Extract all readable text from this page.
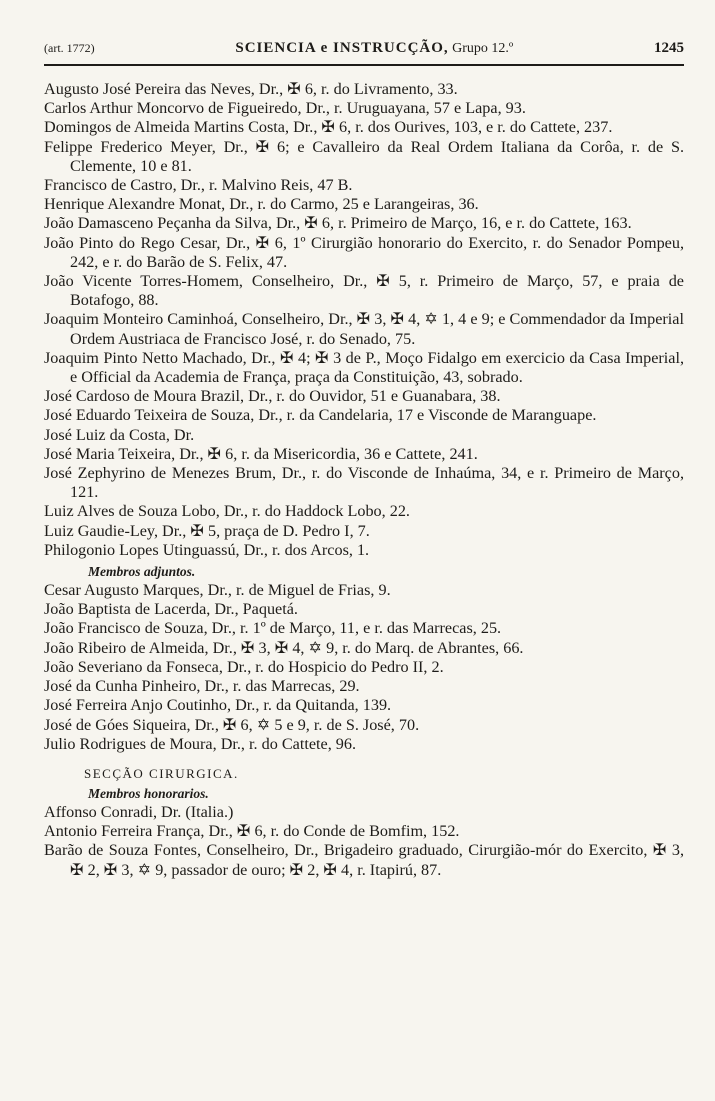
(art. 1772)	SCIENCIA e INSTRUCÇÃO, Grupo 12.º	1245

Augusto José Pereira das Neves, Dr., ✠ 6, r. do Livramento, 33.

Carlos Arthur Moncorvo de Figueiredo, Dr., r. Uruguayana, 57 e Lapa, 93.

Domingos de Almeida Martins Costa, Dr., ✠ 6, r. dos Ourives, 103, e r. do Cattete, 237.

Felippe Frederico Meyer, Dr., ✠ 6; e Cavalleiro da Real Ordem Italiana da Corôa, r. de S. Clemente, 10 e 81.

Francisco de Castro, Dr., r. Malvino Reis, 47 B.

Henrique Alexandre Monat, Dr., r. do Carmo, 25 e Larangeiras, 36.

João Damasceno Peçanha da Silva, Dr., ✠ 6, r. Primeiro de Março, 16, e r. do Cattete, 163.

João Pinto do Rego Cesar, Dr., ✠ 6, 1º Cirurgião honorario do Exercito, r. do Senador Pompeu, 242, e r. do Barão de S. Felix, 47.

João Vicente Torres-Homem, Conselheiro, Dr., ✠ 5, r. Primeiro de Março, 57, e praia de Botafogo, 88.

Joaquim Monteiro Caminhoá, Conselheiro, Dr., ✠ 3, ✠ 4, ✡ 1, 4 e 9; e Commendador da Imperial Ordem Austriaca de Francisco José, r. do Senado, 75.

Joaquim Pinto Netto Machado, Dr., ✠ 4; ✠ 3 de P., Moço Fidalgo em exercicio da Casa Imperial, e Official da Academia de França, praça da Constituição, 43, sobrado.

José Cardoso de Moura Brazil, Dr., r. do Ouvidor, 51 e Guanabara, 38.

José Eduardo Teixeira de Souza, Dr., r. da Candelaria, 17 e Visconde de Maranguape.

José Luiz da Costa, Dr.

José Maria Teixeira, Dr., ✠ 6, r. da Misericordia, 36 e Cattete, 241.

José Zephyrino de Menezes Brum, Dr., r. do Visconde de Inhaúma, 34, e r. Primeiro de Março, 121.

Luiz Alves de Souza Lobo, Dr., r. do Haddock Lobo, 22.

Luiz Gaudie-Ley, Dr., ✠ 5, praça de D. Pedro I, 7.

Philogonio Lopes Utinguassú, Dr., r. dos Arcos, 1.

Membros adjuntos.

Cesar Augusto Marques, Dr., r. de Miguel de Frias, 9.

João Baptista de Lacerda, Dr., Paquetá.

João Francisco de Souza, Dr., r. 1º de Março, 11, e r. das Marrecas, 25.

João Ribeiro de Almeida, Dr., ✠ 3, ✠ 4, ✡ 9, r. do Marq. de Abrantes, 66.

João Severiano da Fonseca, Dr., r. do Hospicio do Pedro II, 2.

José da Cunha Pinheiro, Dr., r. das Marrecas, 29.

José Ferreira Anjo Coutinho, Dr., r. da Quitanda, 139.

José de Góes Siqueira, Dr., ✠ 6, ✡ 5 e 9, r. de S. José, 70.

Julio Rodrigues de Moura, Dr., r. do Cattete, 96.

SECÇÃO CIRURGICA.

Membros honorarios.

Affonso Conradi, Dr. (Italia.)

Antonio Ferreira França, Dr., ✠ 6, r. do Conde de Bomfim, 152.

Barão de Souza Fontes, Conselheiro, Dr., Brigadeiro graduado, Cirurgião-mór do Exercito, ✠ 3, ✠ 2, ✠ 3, ✡ 9, passador de ouro; ✠ 2, ✠ 4, r. Itapirú, 87.
